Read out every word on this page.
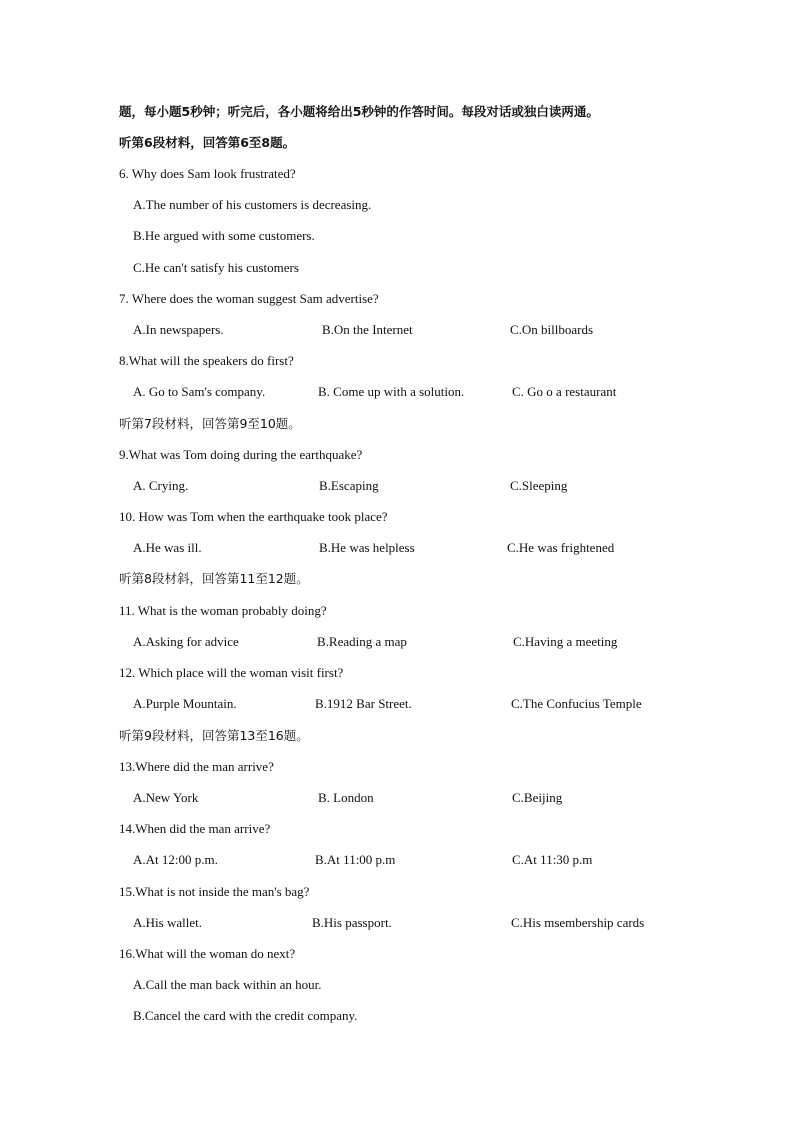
题，每小题5秒钟；听完后，各小题将给出5秒钟的作答时间。每段对话或独白读两通。
听第6段材料，回答第6至8题。
6. Why does Sam look frustrated?
A.The number of his customers is decreasing.
B.He argued with some customers.
C.He can't satisfy his customers
7. Where does the woman suggest Sam advertise?
A.In newspapers.	B.On the Internet	C.On billboards
8.What will the speakers do first?
A. Go to Sam's company.	B. Come up with a solution.	C. Go o a restaurant
听第7段材料，回答第9至10题。
9.What was Tom doing during the earthquake?
A. Crying.	B.Escaping	C.Sleeping
10. How was Tom when the earthquake took place?
A.He was ill.	B.He was helpless	C.He was frightened
听第8段材斜，回答第11至12题。
11. What is the woman probably doing?
A.Asking for advice	B.Reading a map	C.Having a meeting
12. Which place will the woman visit first?
A.Purple Mountain.	B.1912 Bar Street.	C.The Confucius Temple
听第9段材料，回答第13至16题。
13.Where did the man arrive?
A.New York	B. London	C.Beijing
14.When did the man arrive?
A.At 12:00 p.m.	B.At 11:00 p.m	C.At 11:30 p.m
15.What is not inside the man's bag?
A.His wallet.	B.His passport.	C.His msembership cards
16.What will the woman do next?
A.Call the man back within an hour.
B.Cancel the card with the credit company.
